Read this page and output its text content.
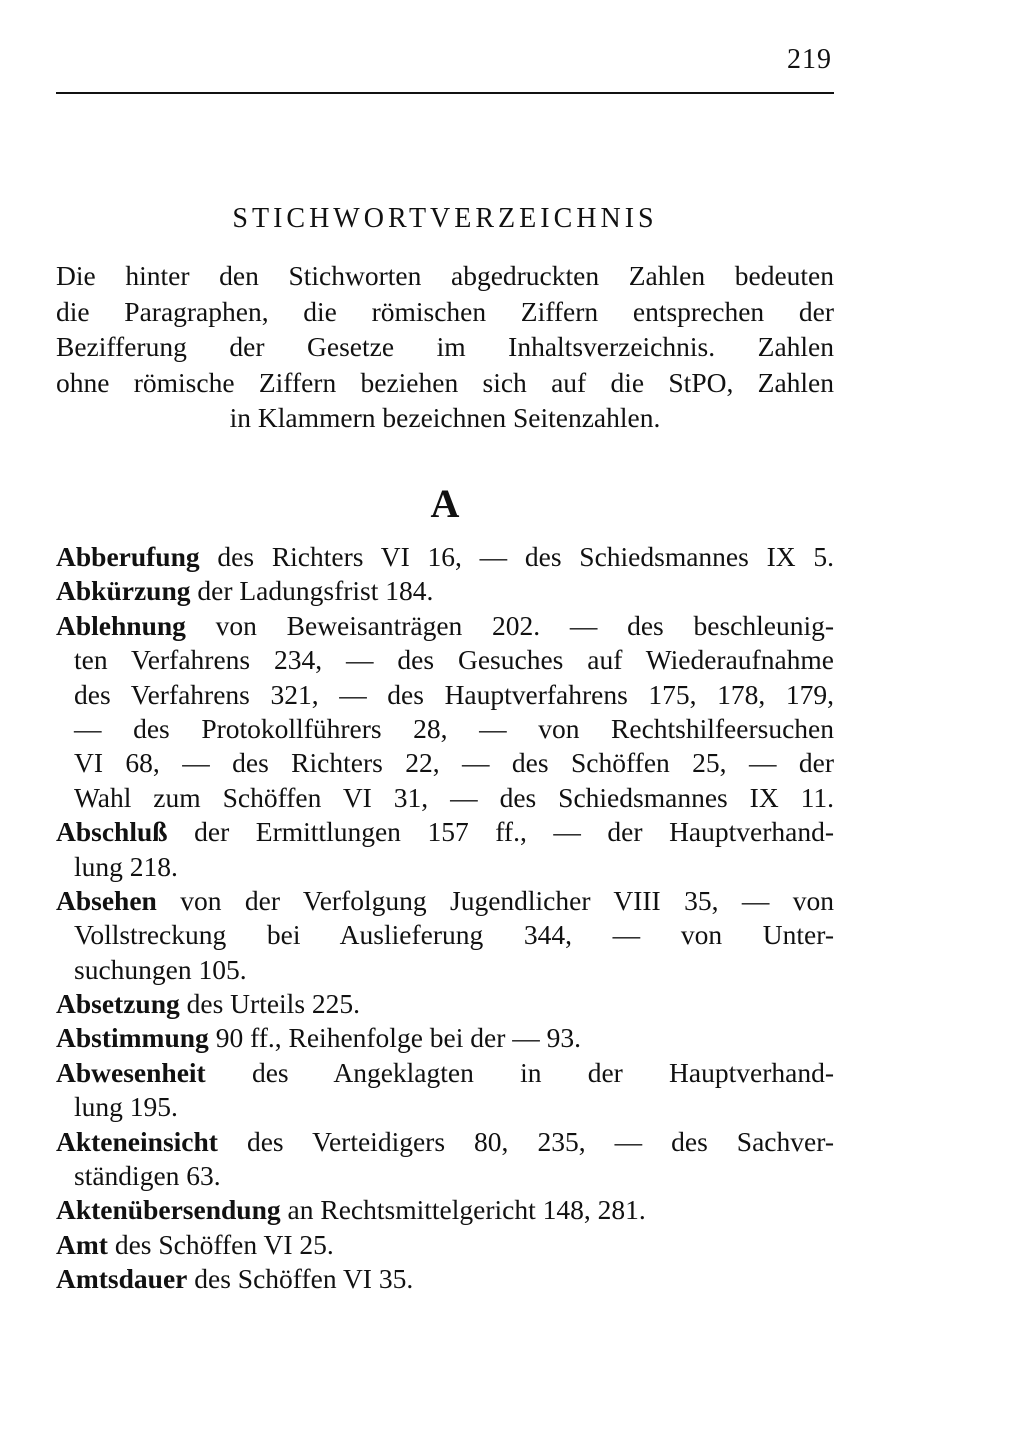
219
STICHWORTVERZEICHNIS
Die hinter den Stichworten abgedruckten Zahlen bedeuten
die Paragraphen, die römischen Ziffern entsprechen der
Bezifferung der Gesetze im Inhaltsverzeichnis. Zahlen
ohne römische Ziffern beziehen sich auf die StPO, Zahlen
in Klammern bezeichnen Seitenzahlen.
A
Abberufung des Richters VI 16, — des Schiedsmannes IX 5.
Abkürzung der Ladungsfrist 184.
Ablehnung von Beweisanträgen 202. — des beschleunig-
ten Verfahrens 234, — des Gesuches auf Wiederaufnahme
des Verfahrens 321, — des Hauptverfahrens 175, 178, 179,
— des Protokollführers 28, — von Rechtshilfeersuchen
VI 68, — des Richters 22, — des Schöffen 25, — der
Wahl zum Schöffen VI 31, — des Schiedsmannes IX 11.
Abschluß der Ermittlungen 157 ff., — der Hauptverhand-
lung 218.
Absehen von der Verfolgung Jugendlicher VIII 35, — von
Vollstreckung bei Auslieferung 344, — von Unter-
suchungen 105.
Absetzung des Urteils 225.
Abstimmung 90 ff., Reihenfolge bei der — 93.
Abwesenheit des Angeklagten in der Hauptverhand-
lung 195.
Akteneinsicht des Verteidigers 80, 235, — des Sachver-
ständigen 63.
Aktenübersendung an Rechtsmittelgericht 148, 281.
Amt des Schöffen VI 25.
Amtsdauer des Schöffen VI 35.
